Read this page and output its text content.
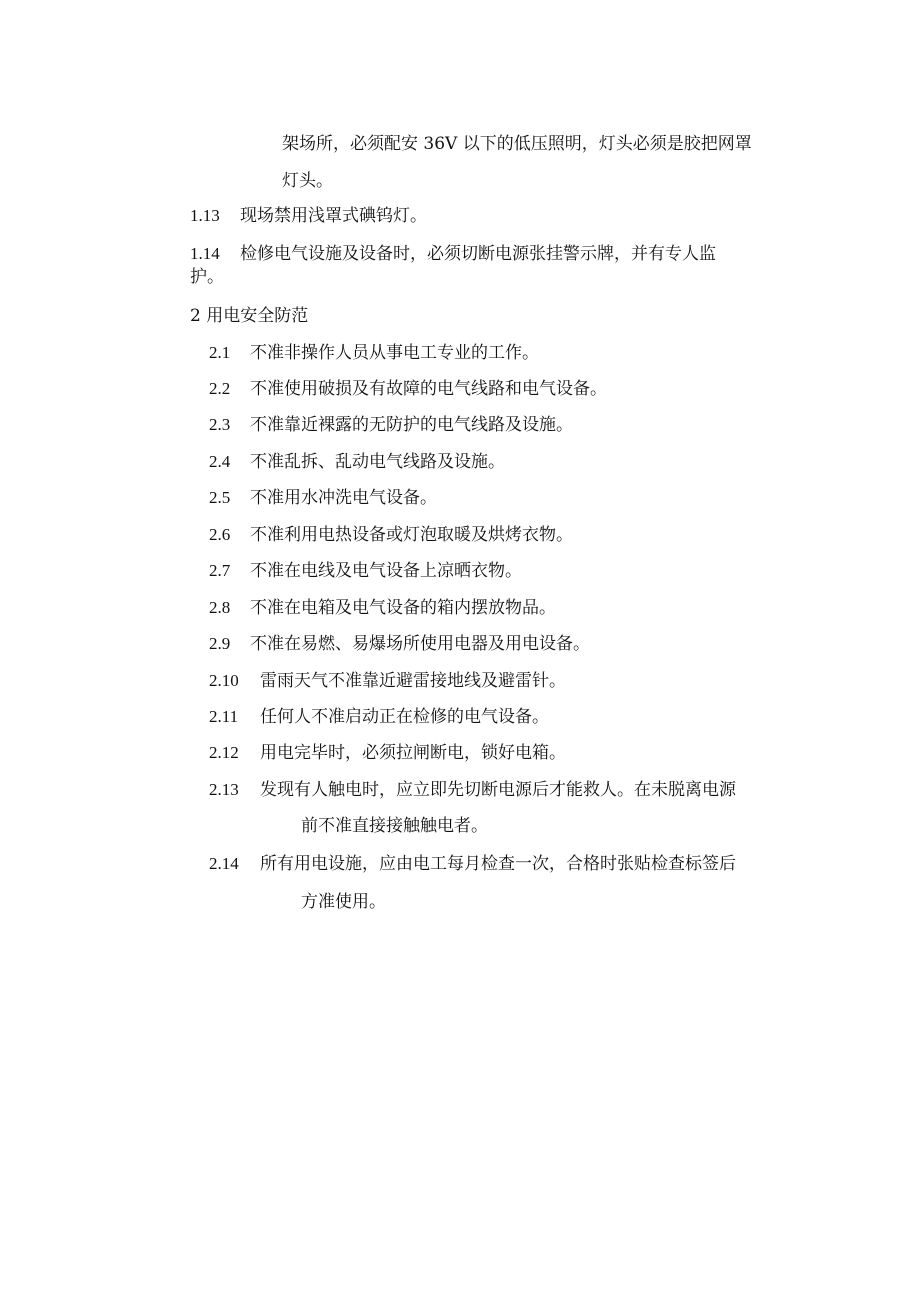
架场所，必须配安 36V 以下的低压照明，灯头必须是胶把网罩
灯头。
1.13 现场禁用浅罩式碘钨灯。
1.14 检修电气设施及设备时，必须切断电源张挂警示牌，并有专人监
护。
2 用电安全防范
2.1 不准非操作人员从事电工专业的工作。
2.2 不准使用破损及有故障的电气线路和电气设备。
2.3 不准靠近裸露的无防护的电气线路及设施。
2.4 不准乱拆、乱动电气线路及设施。
2.5 不准用水冲洗电气设备。
2.6 不准利用电热设备或灯泡取暖及烘烤衣物。
2.7 不准在电线及电气设备上凉晒衣物。
2.8 不准在电箱及电气设备的箱内摆放物品。
2.9 不准在易燃、易爆场所使用电器及用电设备。
2.10 雷雨天气不准靠近避雷接地线及避雷针。
2.11 任何人不准启动正在检修的电气设备。
2.12 用电完毕时，必须拉闸断电，锁好电箱。
2.13 发现有人触电时，应立即先切断电源后才能救人。在未脱离电源
前不准直接接触触电者。
2.14 所有用电设施，应由电工每月检查一次，合格时张贴检查标签后
方准使用。
